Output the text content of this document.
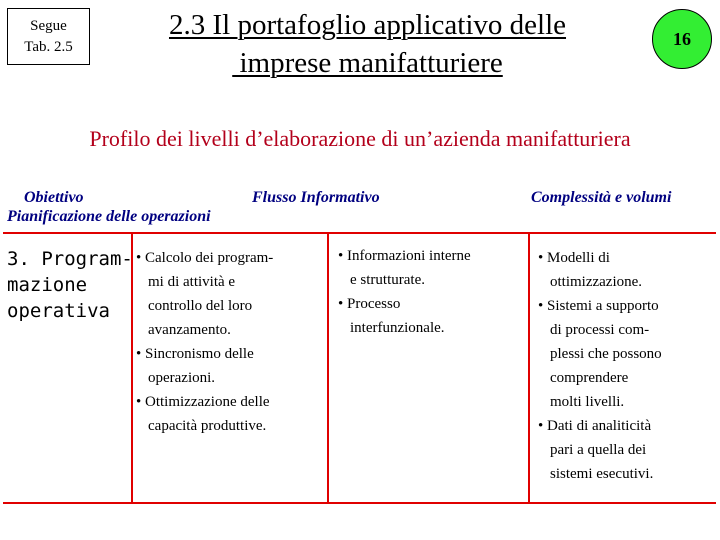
Segue
Tab. 2.5
2.3 Il portafoglio applicativo delle
imprese manifatturiere
16
Profilo dei livelli d’elaborazione di un’azienda manifatturiera
Obiettivo	Flusso Informativo	Complessità e volumi
Pianificazione delle operazioni
3. Program-
mazione
operativa
• Calcolo dei program-
mi di attività e
controllo del loro
avanzamento.
• Sincronismo delle
operazioni.
• Ottimizzazione delle
capacità produttive.
• Informazioni interne
e strutturate.
• Processo
interfunzionale.
• Modelli di
ottimizzazione.
• Sistemi a supporto
di processi com-
plessi che possono
comprendere
molti livelli.
• Dati di analiticità
pari a quella dei
sistemi esecutivi.
